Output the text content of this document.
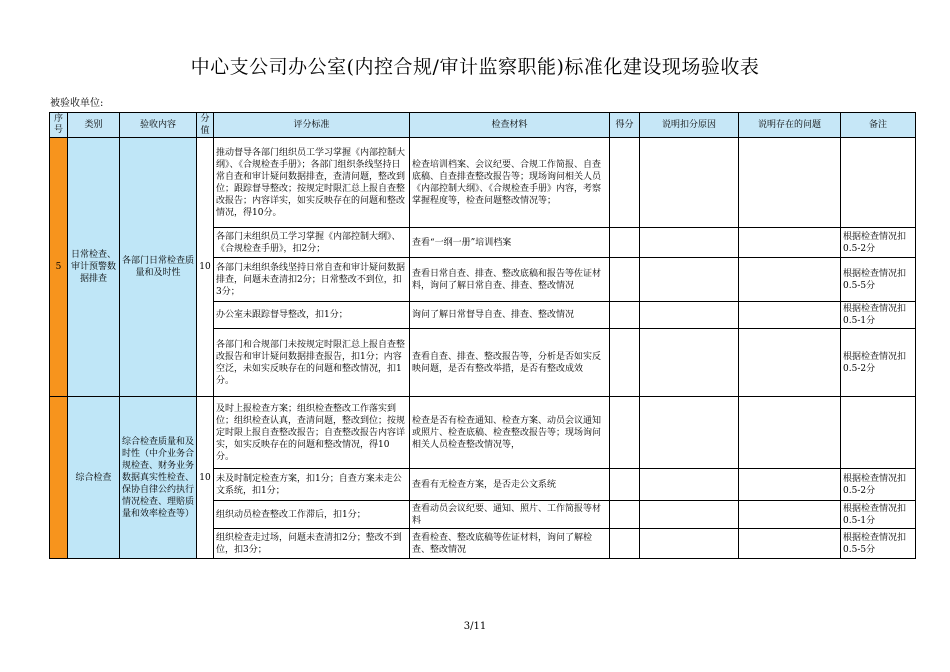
中心支公司办公室(内控合规/审计监察职能)标准化建设现场验收表
被验收单位:
序号	类别	验收内容	分值	评分标准	检查材料	得分	说明扣分原因	说明存在的问题	备注
5	日常检查、审计预警数据排查	各部门日常检查质量和及时性	10	推动督导各部门组织员工学习掌握《内部控制大纲》、《合规检查手册》；各部门组织条线坚持日常自查和审计疑问数据排查，查清问题，整改到位；跟踪督导整改；按规定时限汇总上报自查整改报告；内容详实，如实反映存在的问题和整改情况，得10分。	检查培训档案、会议纪要、合规工作简报、自查底稿、自查排查整改报告等；现场询问相关人员《内部控制大纲》、《合规检查手册》内容，考察掌握程度等，检查问题整改情况等；				
				各部门未组织员工学习掌握《内部控制大纲》、《合规检查手册》，扣2分；	查看“一纲一册”培训档案				根据检查情况扣0.5-2分
				各部门未组织条线坚持日常自查和审计疑问数据排查，问题未查清扣2分；日常整改不到位，扣3分；	查看日常自查、排查、整改底稿和报告等佐证材料，询问了解日常自查、排查、整改情况				根据检查情况扣0.5-5分
				办公室未跟踪督导整改，扣1分；	询问了解日常督导自查、排查、整改情况				根据检查情况扣0.5-1分
				各部门和合规部门未按规定时限汇总上报自查整改报告和审计疑问数据排查报告，扣1分；内容空泛，未如实反映存在的问题和整改情况，扣1分。	查看自查、排查、整改报告等，分析是否如实反映问题，是否有整改举措，是否有整改成效				根据检查情况扣0.5-2分
	综合检查	综合检查质量和及时性（中介业务合规检查、财务业务数据真实性检查、保协自律公约执行情况检查、理赔质量和效率检查等）	10	及时上报检查方案；组织检查整改工作落实到位；组织检查认真，查清问题，整改到位；按规定时限上报自查整改报告；自查整改报告内容详实，如实反映存在的问题和整改情况，得10分。	检查是否有检查通知、检查方案、动员会议通知或照片、检查底稿、检查整改报告等；现场询问相关人员检查整改情况等，				
				未及时制定检查方案，扣1分；自查方案未走公文系统，扣1分；	查看有无检查方案，是否走公文系统				根据检查情况扣0.5-2分
				组织动员检查整改工作滞后，扣1分；	查看动员会议纪要、通知、照片、工作简报等材料				根据检查情况扣0.5-1分
				组织检查走过场，问题未查清扣2分；整改不到位，扣3分；	查看检查、整改底稿等佐证材料，询问了解检查、整改情况				根据检查情况扣0.5-5分
3/11
